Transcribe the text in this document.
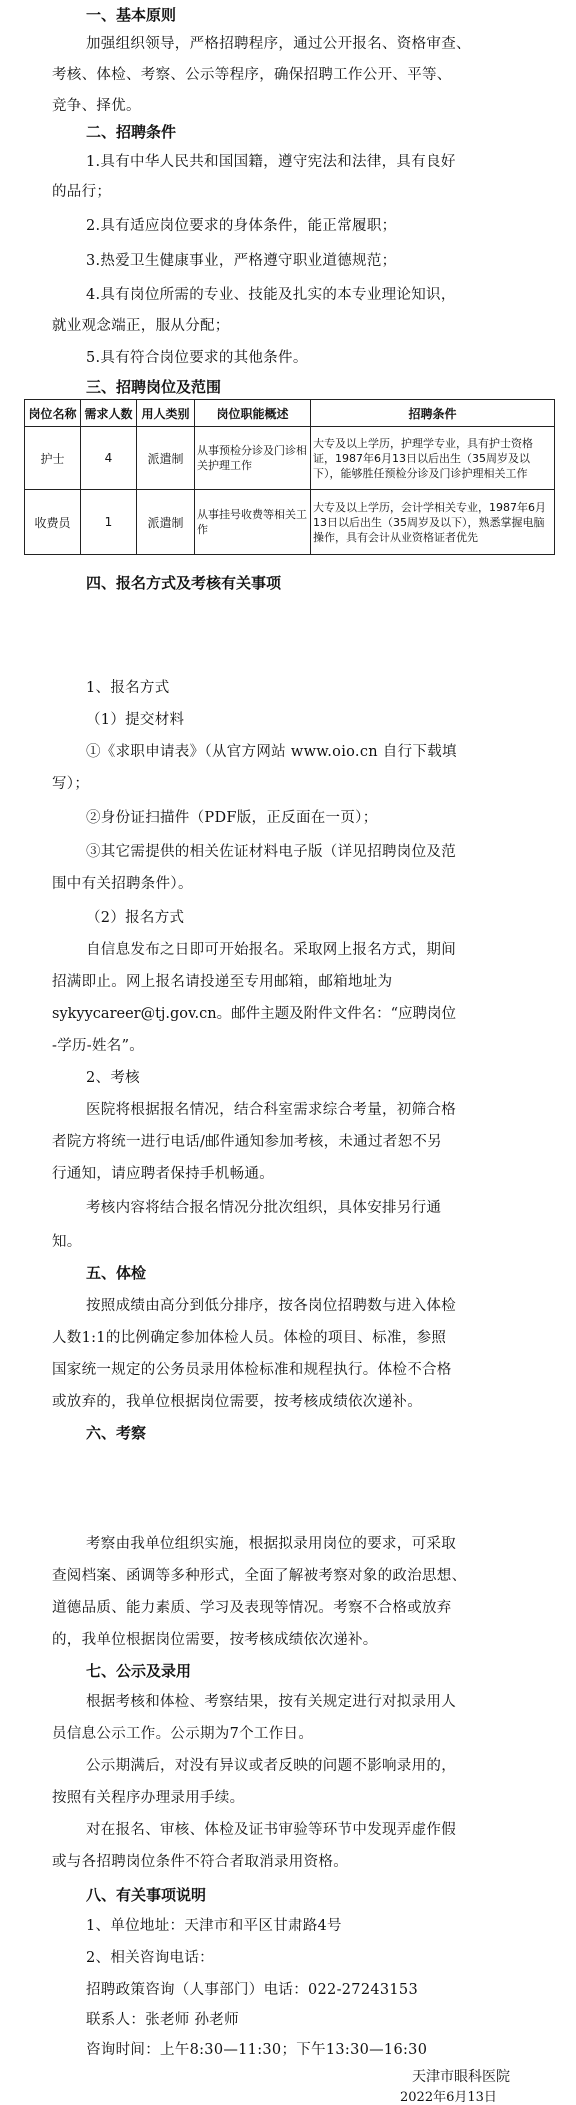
一、基本原则
加强组织领导，严格招聘程序，通过公开报名、资格审查、
考核、体检、考察、公示等程序，确保招聘工作公开、平等、
竞争、择优。
二、招聘条件
1.具有中华人民共和国国籍，遵守宪法和法律，具有良好
的品行；
2.具有适应岗位要求的身体条件，能正常履职；
3.热爱卫生健康事业，严格遵守职业道德规范；
4.具有岗位所需的专业、技能及扎实的本专业理论知识，
就业观念端正，服从分配；
5.具有符合岗位要求的其他条件。
三、招聘岗位及范围
岗位名称	需求人数	用人类别	岗位职能概述	招聘条件
护士	4	派遣制	从事预检分诊及门诊相关护理工作	大专及以上学历，护理学专业，具有护士资格证，1987年6月13日以后出生（35周岁及以下），能够胜任预检分诊及门诊护理相关工作
收费员	1	派遣制	从事挂号收费等相关工作	大专及以上学历，会计学相关专业，1987年6月13日以后出生（35周岁及以下），熟悉掌握电脑操作，具有会计从业资格证者优先
四、报名方式及考核有关事项
1、报名方式
（1）提交材料
①《求职申请表》（从官方网站 www.oio.cn 自行下载填
写）；
②身份证扫描件（PDF版，正反面在一页）；
③其它需提供的相关佐证材料电子版（详见招聘岗位及范
围中有关招聘条件）。
（2）报名方式
自信息发布之日即可开始报名。采取网上报名方式，期间
招满即止。网上报名请投递至专用邮箱，邮箱地址为
sykyycareer@tj.gov.cn。邮件主题及附件文件名：“应聘岗位
-学历-姓名”。
2、考核
医院将根据报名情况，结合科室需求综合考量，初筛合格
者院方将统一进行电话/邮件通知参加考核，未通过者恕不另
行通知，请应聘者保持手机畅通。
考核内容将结合报名情况分批次组织，具体安排另行通
知。
五、体检
按照成绩由高分到低分排序，按各岗位招聘数与进入体检
人数1:1的比例确定参加体检人员。体检的项目、标准，参照
国家统一规定的公务员录用体检标准和规程执行。体检不合格
或放弃的，我单位根据岗位需要，按考核成绩依次递补。
六、考察
考察由我单位组织实施，根据拟录用岗位的要求，可采取
查阅档案、函调等多种形式，全面了解被考察对象的政治思想、
道德品质、能力素质、学习及表现等情况。考察不合格或放弃
的，我单位根据岗位需要，按考核成绩依次递补。
七、公示及录用
根据考核和体检、考察结果，按有关规定进行对拟录用人
员信息公示工作。公示期为7个工作日。
公示期满后，对没有异议或者反映的问题不影响录用的，
按照有关程序办理录用手续。
对在报名、审核、体检及证书审验等环节中发现弄虚作假
或与各招聘岗位条件不符合者取消录用资格。
八、有关事项说明
1、单位地址：天津市和平区甘肃路4号
2、相关咨询电话：
招聘政策咨询（人事部门）电话：022-27243153
联系人：张老师 孙老师
咨询时间：上午8:30—11:30；下午13:30—16:30
天津市眼科医院
2022年6月13日
